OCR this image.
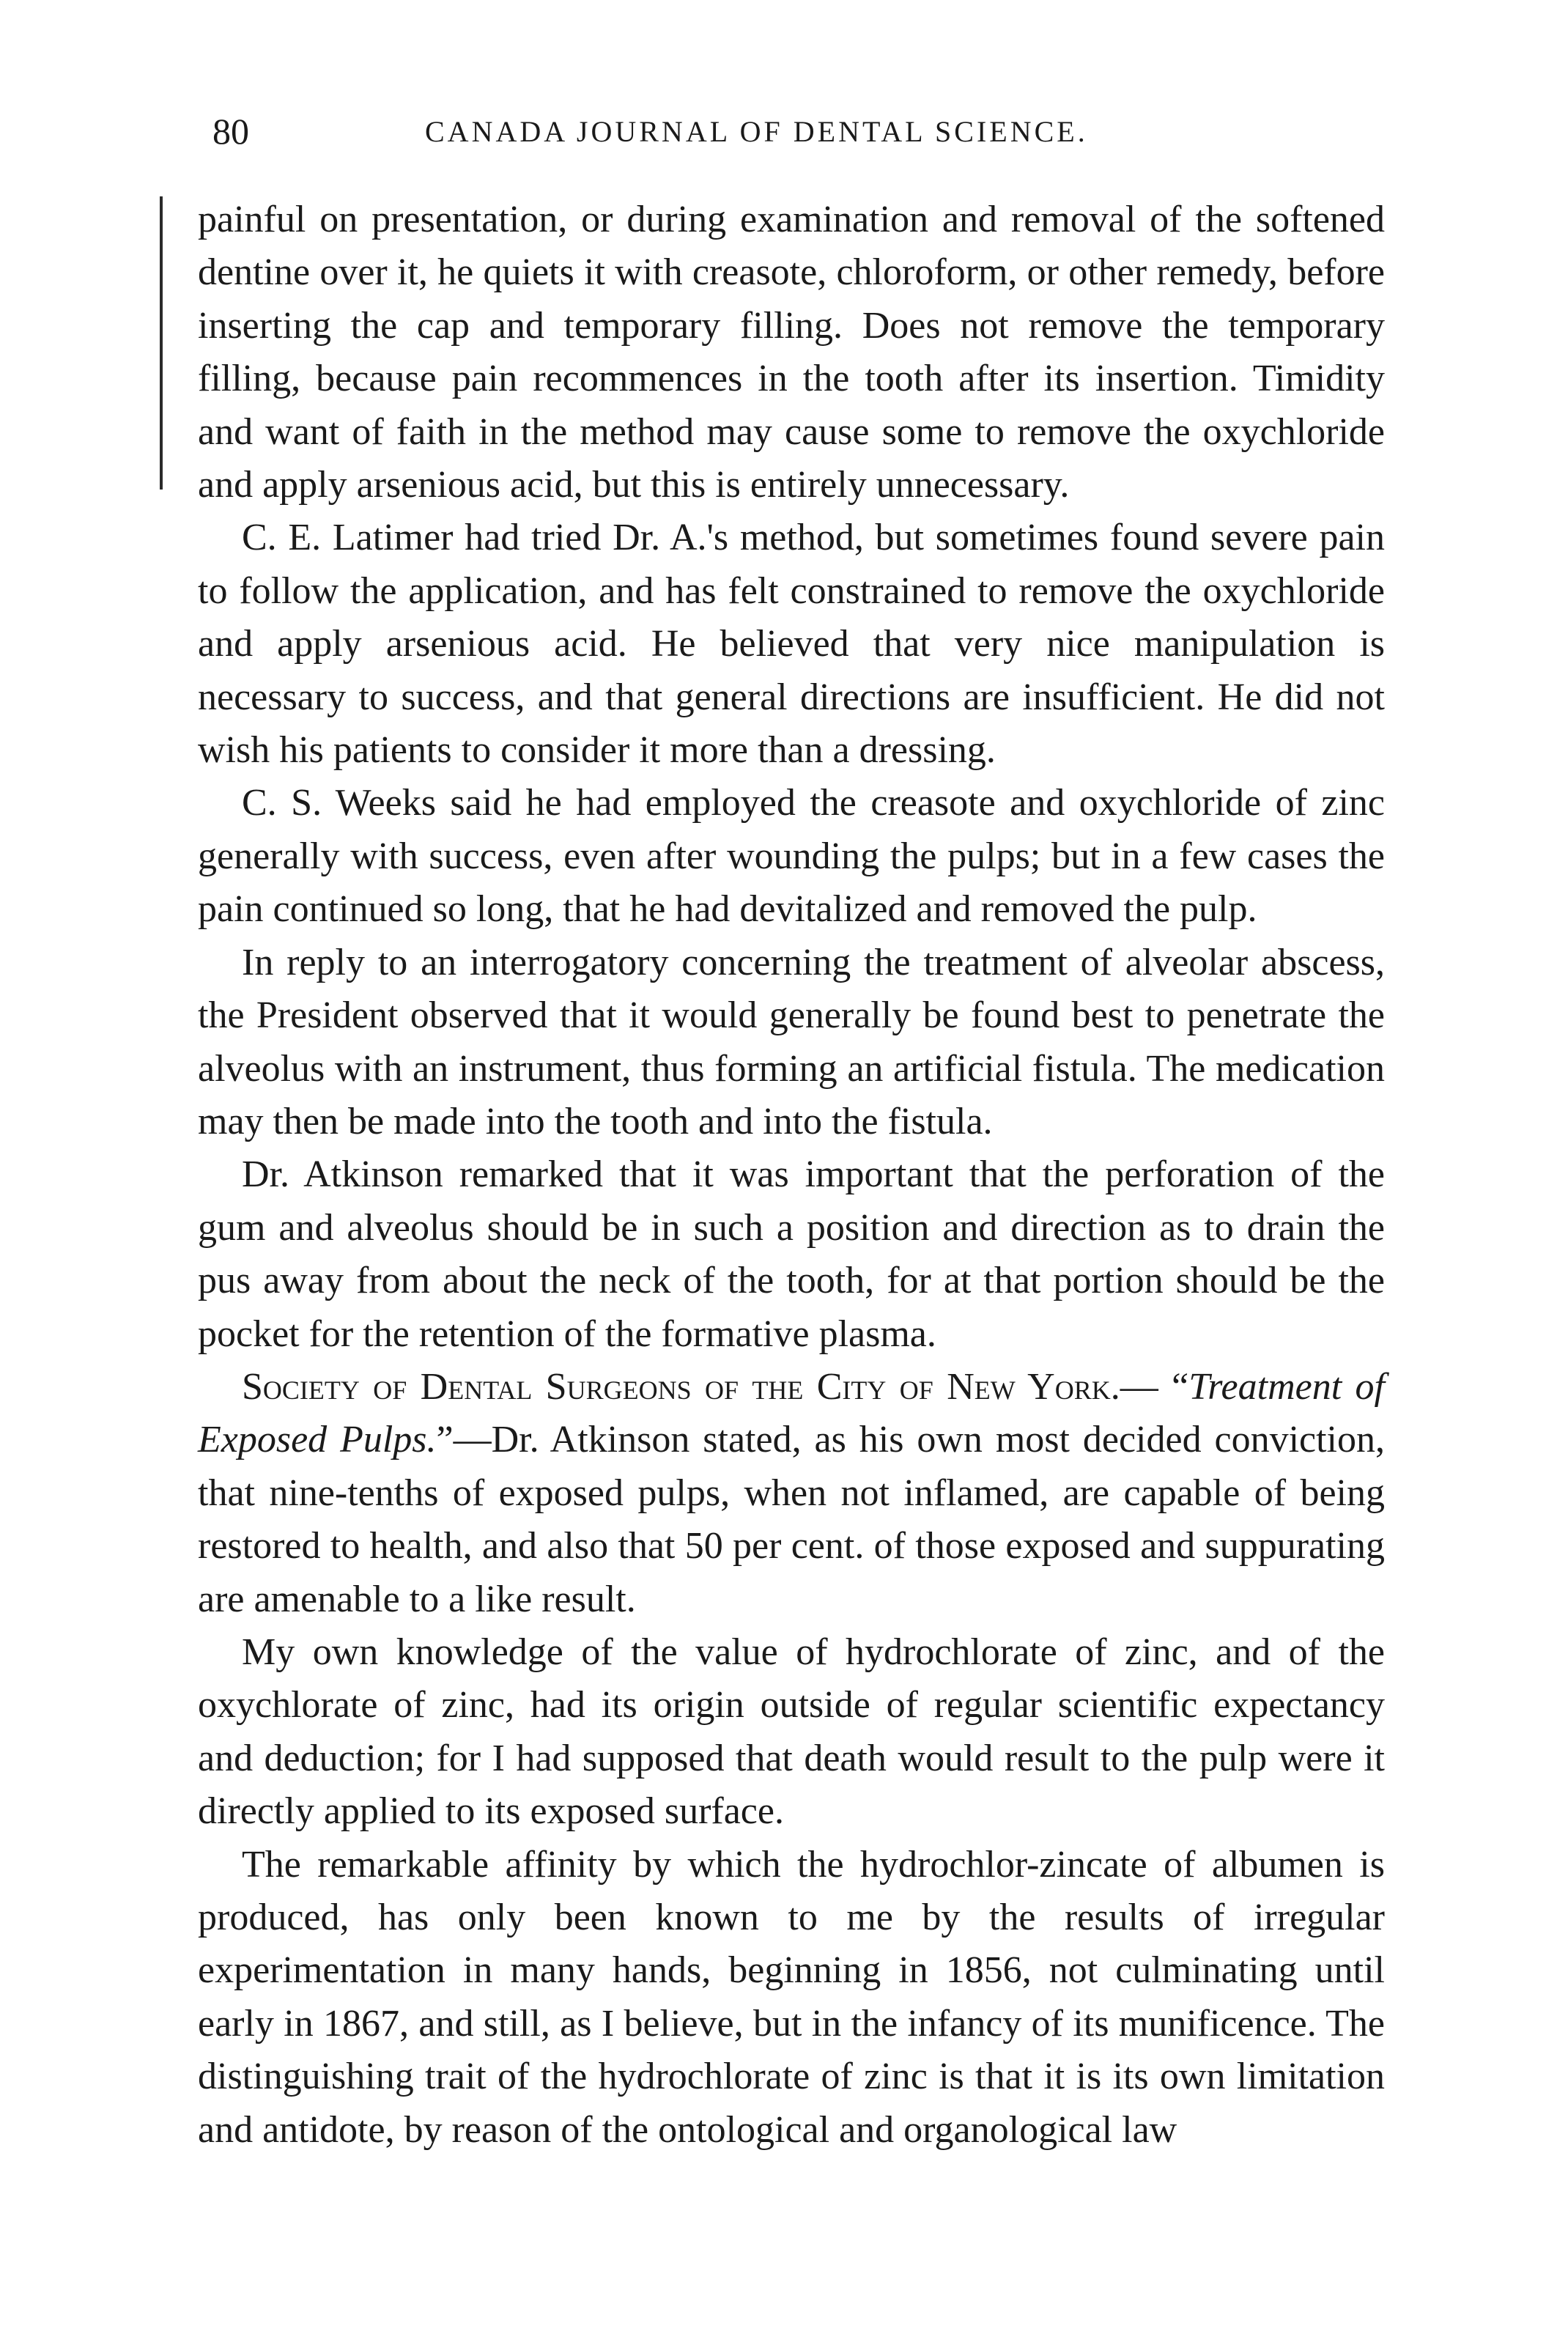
80	CANADA JOURNAL OF DENTAL SCIENCE.

painful on presentation, or during examination and removal of the softened dentine over it, he quiets it with creasote, chloroform, or other remedy, before inserting the cap and temporary filling. Does not remove the temporary filling, because pain recommences in the tooth after its insertion. Timidity and want of faith in the method may cause some to remove the oxychloride and apply arsenious acid, but this is entirely unnecessary.

C. E. Latimer had tried Dr. A.'s method, but sometimes found severe pain to follow the application, and has felt constrained to remove the oxychloride and apply arsenious acid. He believed that very nice manipulation is necessary to success, and that general directions are insufficient. He did not wish his patients to consider it more than a dressing.

C. S. Weeks said he had employed the creasote and oxychloride of zinc generally with success, even after wounding the pulps; but in a few cases the pain continued so long, that he had devitalized and removed the pulp.

In reply to an interrogatory concerning the treatment of alveolar abscess, the President observed that it would generally be found best to penetrate the alveolus with an instrument, thus forming an artificial fistula. The medication may then be made into the tooth and into the fistula.

Dr. Atkinson remarked that it was important that the perforation of the gum and alveolus should be in such a position and direction as to drain the pus away from about the neck of the tooth, for at that portion should be the pocket for the retention of the formative plasma.

Society of Dental Surgeons of the City of New York.— “Treatment of Exposed Pulps.”—Dr. Atkinson stated, as his own most decided conviction, that nine-tenths of exposed pulps, when not inflamed, are capable of being restored to health, and also that 50 per cent. of those exposed and suppurating are amenable to a like result.

My own knowledge of the value of hydrochlorate of zinc, and of the oxychlorate of zinc, had its origin outside of regular scientific expectancy and deduction; for I had supposed that death would result to the pulp were it directly applied to its exposed surface.

The remarkable affinity by which the hydrochlor-zincate of albumen is produced, has only been known to me by the results of irregular experimentation in many hands, beginning in 1856, not culminating until early in 1867, and still, as I believe, but in the infancy of its munificence. The distinguishing trait of the hydrochlorate of zinc is that it is its own limitation and antidote, by reason of the ontological and organological law
